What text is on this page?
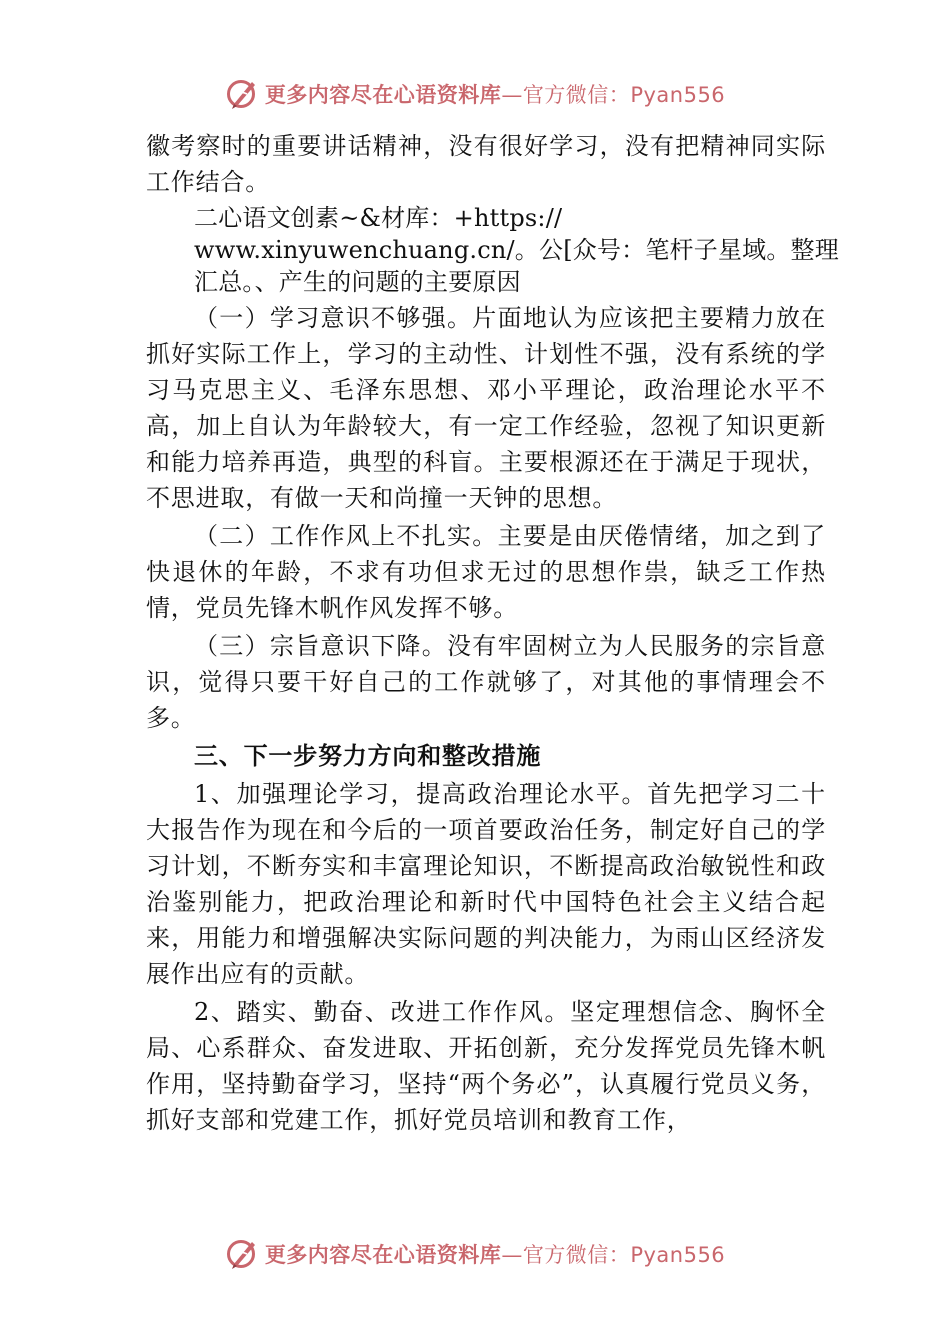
更多内容尽在心语资料库—官方微信：Pyan556

徽考察时的重要讲话精神，没有很好学习，没有把精神同实际工作结合。

二心语文创素~&材库：+https://
www.xinyuwenchuang.cn/。公[众号：笔杆子星域。整理
汇总。、产生的问题的主要原因

（一）学习意识不够强。片面地认为应该把主要精力放在抓好实际工作上，学习的主动性、计划性不强，没有系统的学习马克思主义、毛泽东思想、邓小平理论，政治理论水平不高，加上自认为年龄较大，有一定工作经验，忽视了知识更新和能力培养再造，典型的科盲。主要根源还在于满足于现状，不思进取，有做一天和尚撞一天钟的思想。

（二）工作作风上不扎实。主要是由厌倦情绪，加之到了快退休的年龄，不求有功但求无过的思想作祟，缺乏工作热情，党员先锋木帆作风发挥不够。

（三）宗旨意识下降。没有牢固树立为人民服务的宗旨意识，觉得只要干好自己的工作就够了，对其他的事情理会不多。

三、下一步努力方向和整改措施

1、加强理论学习，提高政治理论水平。首先把学习二十大报告作为现在和今后的一项首要政治任务，制定好自己的学习计划，不断夯实和丰富理论知识，不断提高政治敏锐性和政治鉴别能力，把政治理论和新时代中国特色社会主义结合起来，用能力和增强解决实际问题的判决能力，为雨山区经济发展作出应有的贡献。

2、踏实、勤奋、改进工作作风。坚定理想信念、胸怀全局、心系群众、奋发进取、开拓创新，充分发挥党员先锋木帆作用，坚持勤奋学习，坚持“两个务必”，认真履行党员义务，抓好支部和党建工作，抓好党员培训和教育工作，

更多内容尽在心语资料库—官方微信：Pyan556
